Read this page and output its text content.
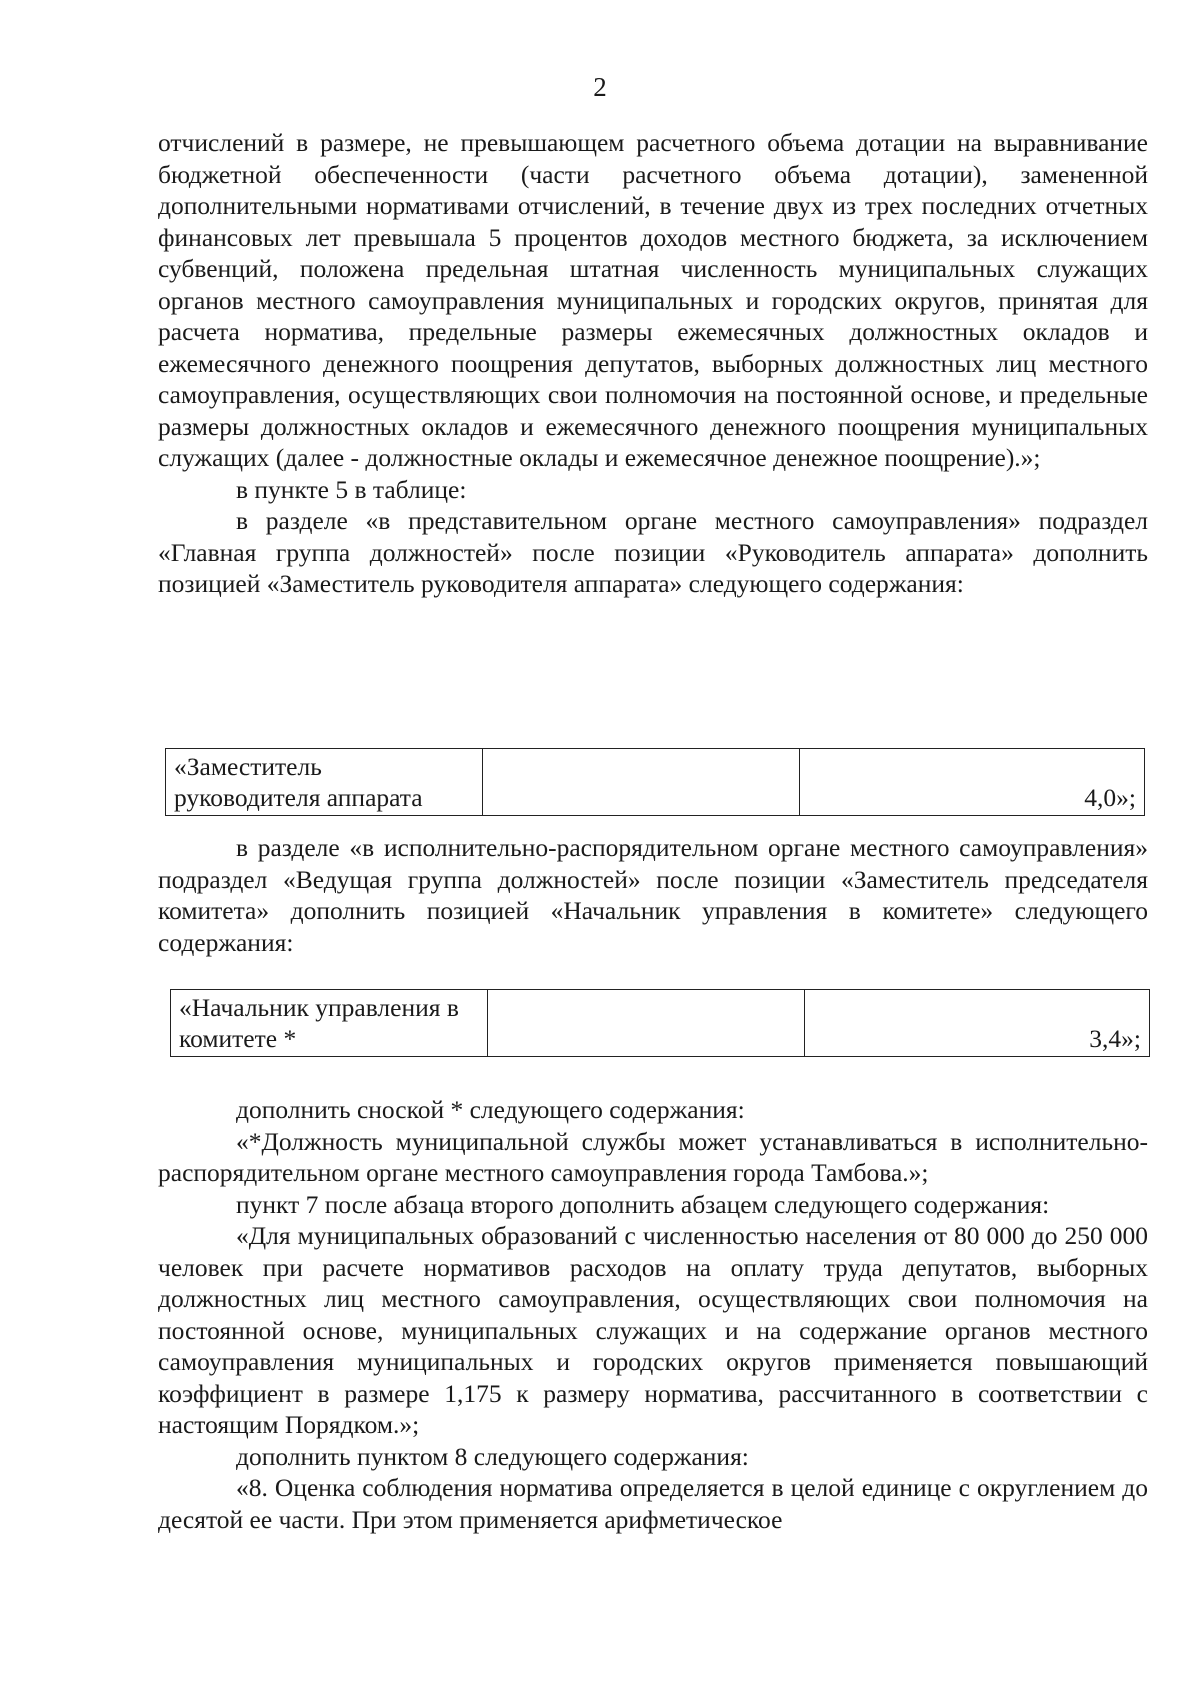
2

отчислений в размере, не превышающем расчетного объема дотации на выравнивание бюджетной обеспеченности (части расчетного объема дотации), замененной дополнительными нормативами отчислений, в течение двух из трех последних отчетных финансовых лет превышала 5 процентов доходов местного бюджета, за исключением субвенций, положена предельная штатная численность муниципальных служащих органов местного самоуправления муниципальных и городских округов, принятая для расчета норматива, предельные размеры ежемесячных должностных окладов и ежемесячного денежного поощрения депутатов, выборных должностных лиц местного самоуправления, осуществляющих свои полномочия на постоянной основе, и предельные размеры должностных окладов и ежемесячного денежного поощрения муниципальных служащих (далее - должностные оклады и ежемесячное денежное поощрение).»;

в пункте 5 в таблице:

в разделе «в представительном органе местного самоуправления» подраздел «Главная группа должностей» после позиции «Руководитель аппарата» дополнить позицией «Заместитель руководителя аппарата» следующего содержания:

«Заместитель руководителя аппарата		4,0»;

в разделе «в исполнительно-распорядительном органе местного самоуправления» подраздел «Ведущая группа должностей» после позиции «Заместитель председателя комитета» дополнить позицией «Начальник управления в комитете» следующего содержания:

«Начальник управления в комитете *		3,4»;

дополнить сноской * следующего содержания:

«*Должность муниципальной службы может устанавливаться в исполнительно-распорядительном органе местного самоуправления города Тамбова.»;

пункт 7 после абзаца второго дополнить абзацем следующего содержания:

«Для муниципальных образований с численностью населения от 80 000 до 250 000 человек при расчете нормативов расходов на оплату труда депутатов, выборных должностных лиц местного самоуправления, осуществляющих свои полномочия на постоянной основе, муниципальных служащих и на содержание органов местного самоуправления муниципальных и городских округов применяется повышающий коэффициент в размере 1,175 к размеру норматива, рассчитанного в соответствии с настоящим Порядком.»;

дополнить пунктом 8 следующего содержания:

«8. Оценка соблюдения норматива определяется в целой единице с округлением до десятой ее части. При этом применяется арифметическое
